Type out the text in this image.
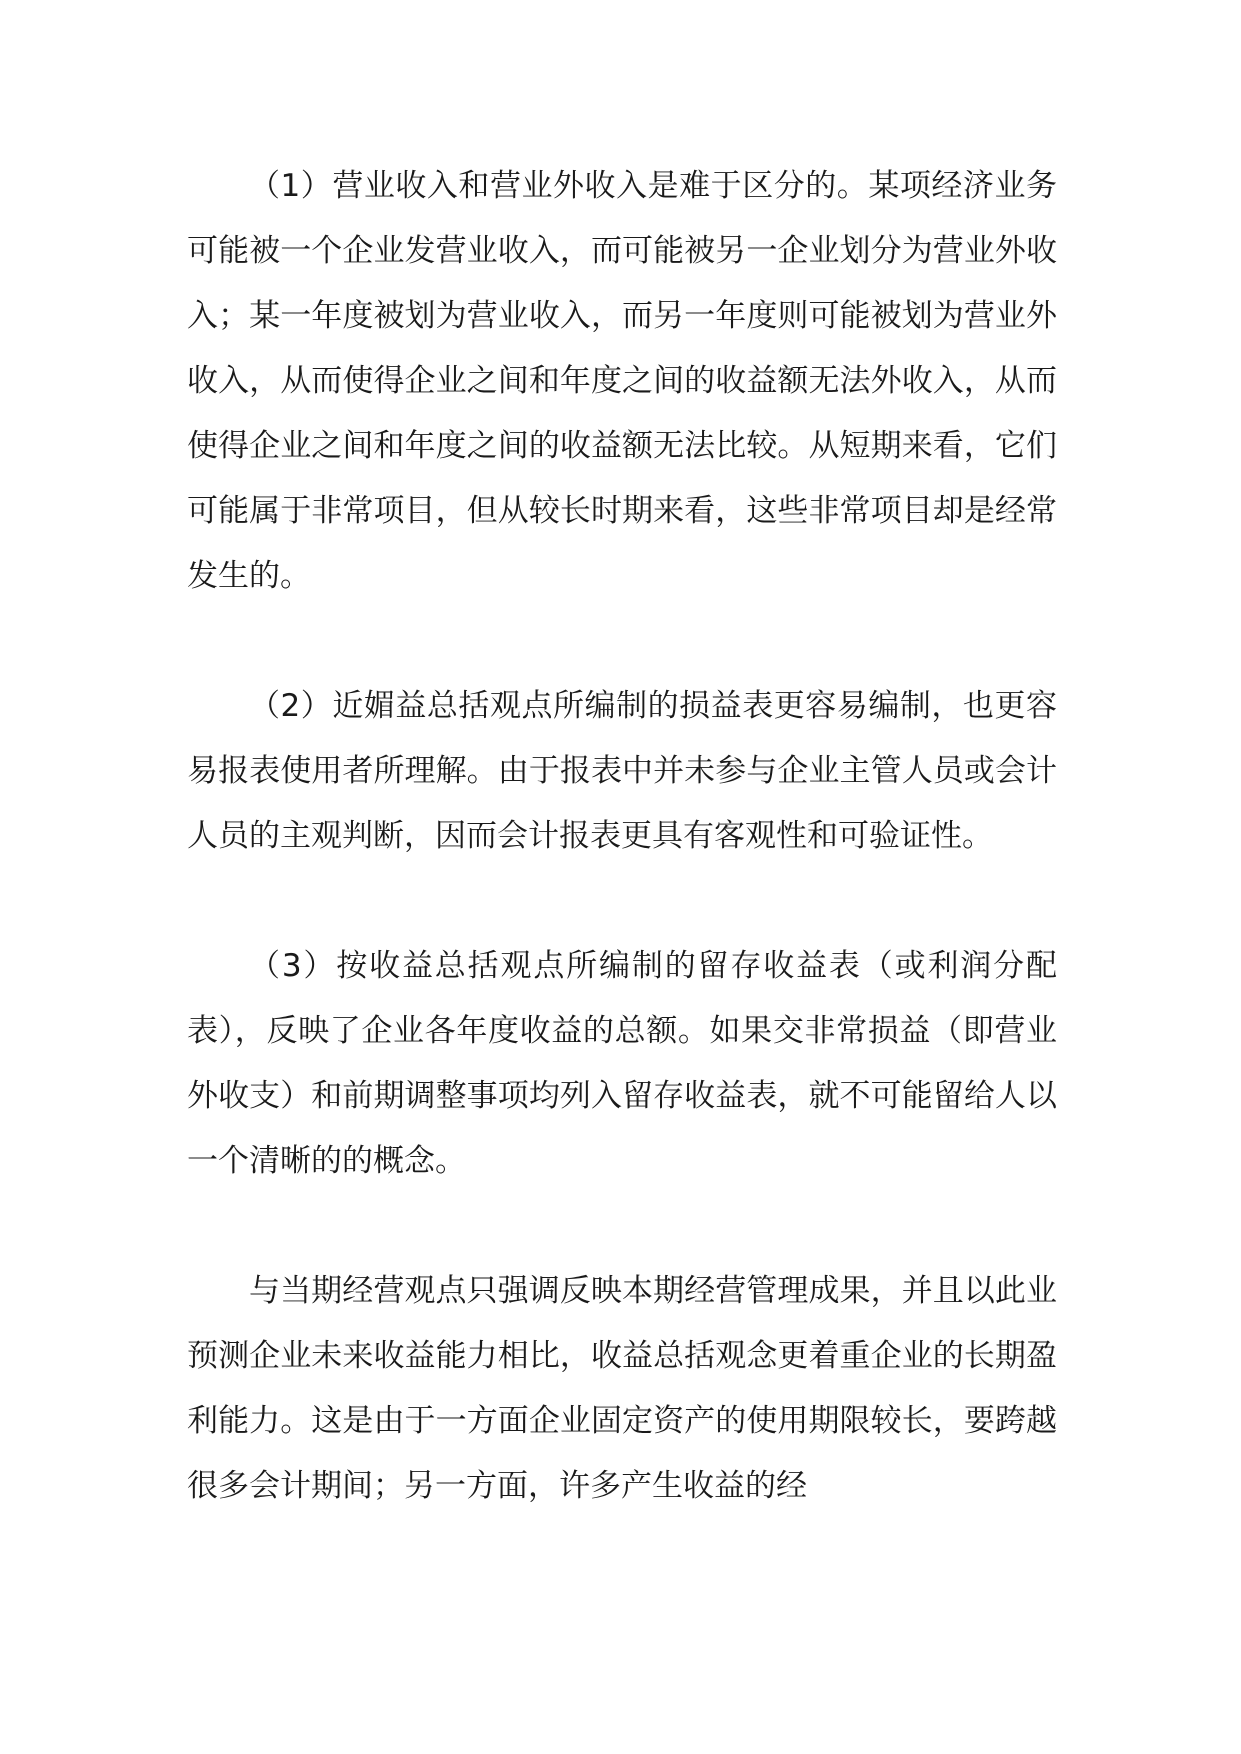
（1）营业收入和营业外收入是难于区分的。某项经济业务可能被一个企业发营业收入，而可能被另一企业划分为营业外收入；某一年度被划为营业收入，而另一年度则可能被划为营业外收入，从而使得企业之间和年度之间的收益额无法外收入，从而使得企业之间和年度之间的收益额无法比较。从短期来看，它们可能属于非常项目，但从较长时期来看，这些非常项目却是经常发生的。

（2）近媚益总括观点所编制的损益表更容易编制，也更容易报表使用者所理解。由于报表中并未参与企业主管人员或会计人员的主观判断，因而会计报表更具有客观性和可验证性。

（3）按收益总括观点所编制的留存收益表（或利润分配表），反映了企业各年度收益的总额。如果交非常损益（即营业外收支）和前期调整事项均列入留存收益表，就不可能留给人以一个清晰的的概念。

与当期经营观点只强调反映本期经营管理成果，并且以此业预测企业未来收益能力相比，收益总括观念更着重企业的长期盈利能力。这是由于一方面企业固定资产的使用期限较长，要跨越很多会计期间；另一方面，许多产生收益的经
